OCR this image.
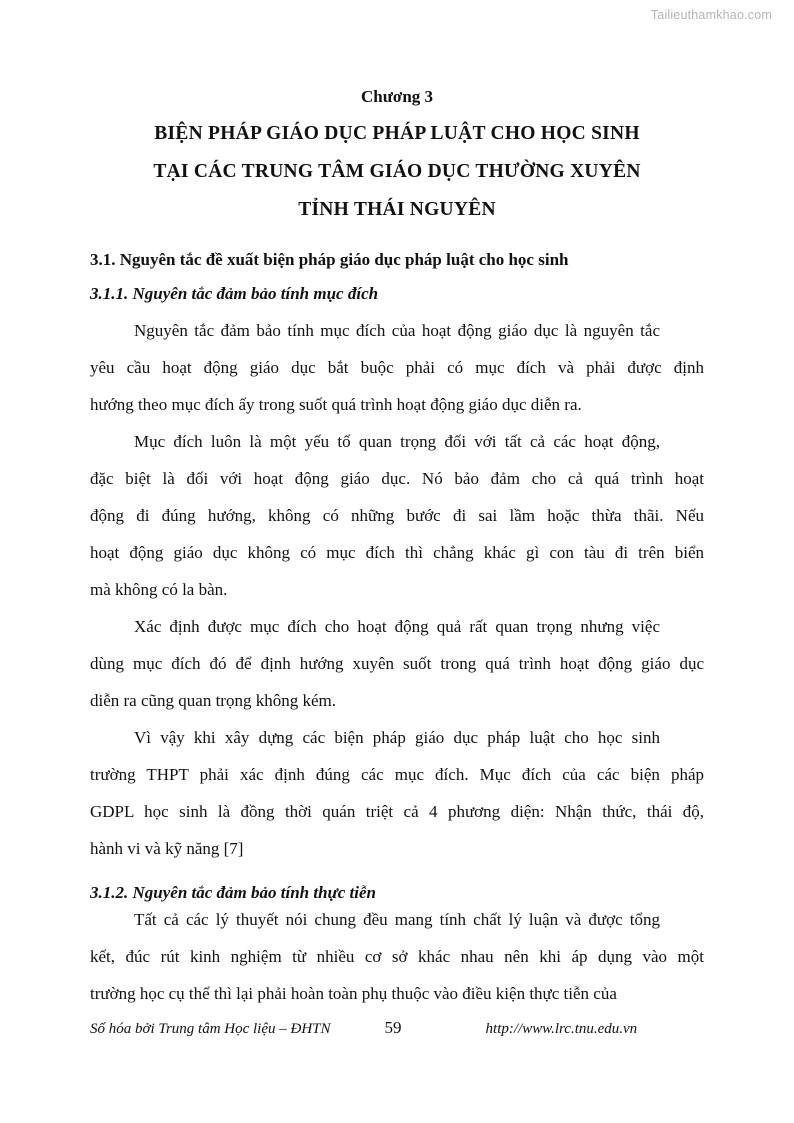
Tailieuthamkhao.com
Chương 3
BIỆN PHÁP GIÁO DỤC PHÁP LUẬT CHO HỌC SINH
TẠI CÁC TRUNG TÂM GIÁO DỤC THƯỜNG XUYÊN
TỈNH THÁI NGUYÊN
3.1. Nguyên tắc đề xuất biện pháp giáo dục pháp luật cho học sinh
3.1.1. Nguyên tắc đảm bảo tính mục đích
Nguyên tắc đảm bảo tính mục đích của hoạt động giáo dục là nguyên tắc
yêu cầu hoạt động giáo dục bắt buộc phải có mục đích và phải được định
hướng theo mục đích ấy trong suốt quá trình hoạt động giáo dục diễn ra.
Mục đích luôn là một yếu tố quan trọng đối với tất cả các hoạt động,
đặc biệt là đối với hoạt động giáo dục. Nó bảo đảm cho cả quá trình hoạt
động đi đúng hướng, không có những bước đi sai lầm hoặc thừa thãi. Nếu
hoạt động giáo dục không có mục đích thì chẳng khác gì con tàu đi trên biển
mà không có la bàn.
Xác định được mục đích cho hoạt động quả rất quan trọng nhưng việc
dùng mục đích đó để định hướng xuyên suốt trong quá trình hoạt động giáo dục
diễn ra cũng quan trọng không kém.
Vì vậy khi xây dựng các biện pháp giáo dục pháp luật cho học sinh
trường THPT phải xác định đúng các mục đích. Mục đích của các biện pháp
GDPL học sinh là đồng thời quán triệt cả 4 phương diện: Nhận thức, thái độ,
hành vi và kỹ năng [7]
3.1.2. Nguyên tắc đảm bảo tính thực tiễn
Tất cả các lý thuyết nói chung đều mang tính chất lý luận và được tổng
kết, đúc rút kinh nghiệm từ nhiều cơ sở khác nhau nên khi áp dụng vào một
trường học cụ thể thì lại phải hoàn toàn phụ thuộc vào điều kiện thực tiễn của
Số hóa bởi Trung tâm Học liệu – ĐHTN	59	http://www.lrc.tnu.edu.vn
